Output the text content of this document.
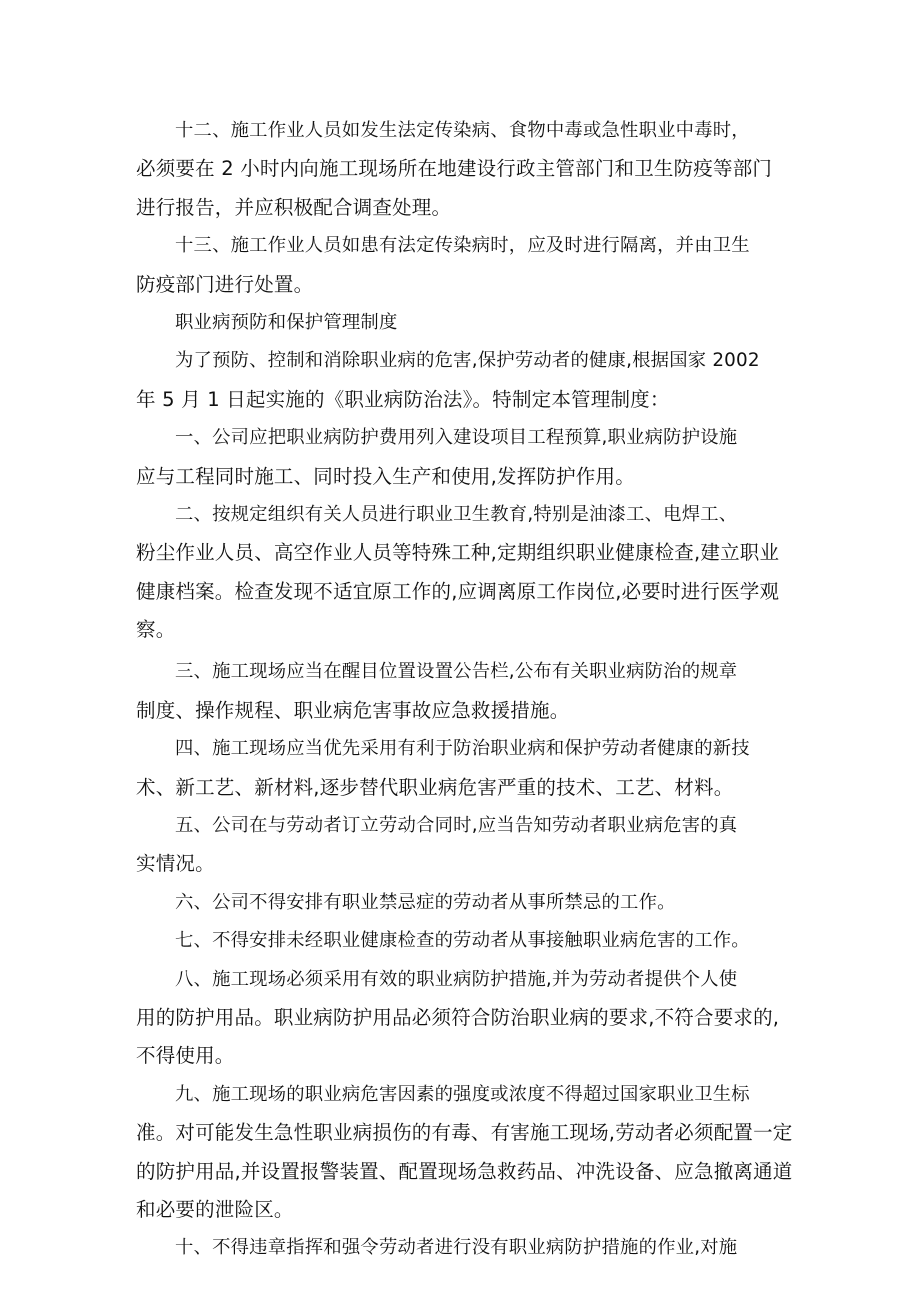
十二、施工作业人员如发生法定传染病、食物中毒或急性职业中毒时，
必须要在 2 小时内向施工现场所在地建设行政主管部门和卫生防疫等部门
进行报告，并应积极配合调查处理。
十三、施工作业人员如患有法定传染病时，应及时进行隔离，并由卫生
防疫部门进行处置。
职业病预防和保护管理制度
为了预防、控制和消除职业病的危害,保护劳动者的健康,根据国家 2002
年 5 月 1 日起实施的《职业病防治法》。特制定本管理制度：
一、公司应把职业病防护费用列入建设项目工程预算,职业病防护设施
应与工程同时施工、同时投入生产和使用,发挥防护作用。
二、按规定组织有关人员进行职业卫生教育,特别是油漆工、电焊工、
粉尘作业人员、高空作业人员等特殊工种,定期组织职业健康检查,建立职业
健康档案。检查发现不适宜原工作的,应调离原工作岗位,必要时进行医学观
察。
三、施工现场应当在醒目位置设置公告栏,公布有关职业病防治的规章
制度、操作规程、职业病危害事故应急救援措施。
四、施工现场应当优先采用有利于防治职业病和保护劳动者健康的新技
术、新工艺、新材料,逐步替代职业病危害严重的技术、工艺、材料。
五、公司在与劳动者订立劳动合同时,应当告知劳动者职业病危害的真
实情况。
六、公司不得安排有职业禁忌症的劳动者从事所禁忌的工作。
七、不得安排未经职业健康检查的劳动者从事接触职业病危害的工作。
八、施工现场必须采用有效的职业病防护措施,并为劳动者提供个人使
用的防护用品。职业病防护用品必须符合防治职业病的要求,不符合要求的,
不得使用。
九、施工现场的职业病危害因素的强度或浓度不得超过国家职业卫生标
准。对可能发生急性职业病损伤的有毒、有害施工现场,劳动者必须配置一定
的防护用品,并设置报警装置、配置现场急救药品、冲洗设备、应急撤离通道
和必要的泄险区。
十、不得违章指挥和强令劳动者进行没有职业病防护措施的作业,对施
